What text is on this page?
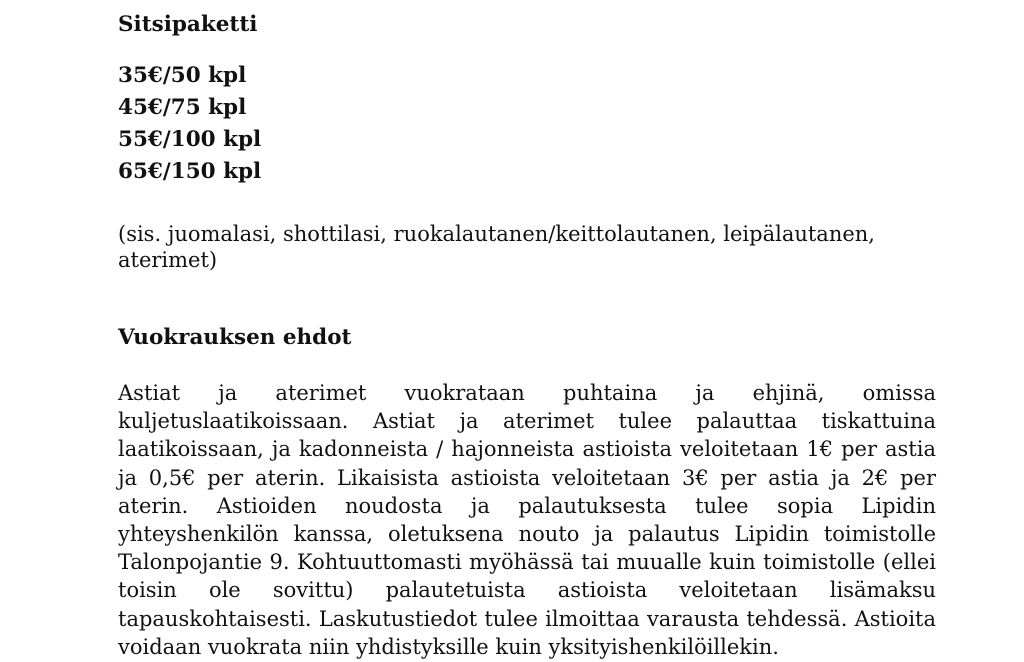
Sitsipaketti
35€/50 kpl
45€/75 kpl
55€/100 kpl
65€/150 kpl
(sis. juomalasi, shottilasi, ruokalautanen/keittolautanen, leipälautanen, aterimet)
Vuokrauksen ehdot

Astiat ja aterimet vuokrataan puhtaina ja ehjinä, omissa kuljetuslaatikoissaan. Astiat ja aterimet tulee palauttaa tiskattuina laatikoissaan, ja kadonneista / hajonneista astioista veloitetaan 1€ per astia ja 0,5€ per aterin. Likaisista astioista veloitetaan 3€ per astia ja 2€ per aterin. Astioiden noudosta ja palautuksesta tulee sopia Lipidin yhteyshenkilön kanssa, oletuksena nouto ja palautus Lipidin toimistolle Talonpojantie 9. Kohtuuttomasti myöhässä tai muualle kuin toimistolle (ellei toisin ole sovittu) palautetuista astioista veloitetaan lisämaksu tapauskohtaisesti. Laskutustiedot tulee ilmoittaa varausta tehdessä. Astioita voidaan vuokrata niin yhdistyksille kuin yksityishenkilöillekin.
